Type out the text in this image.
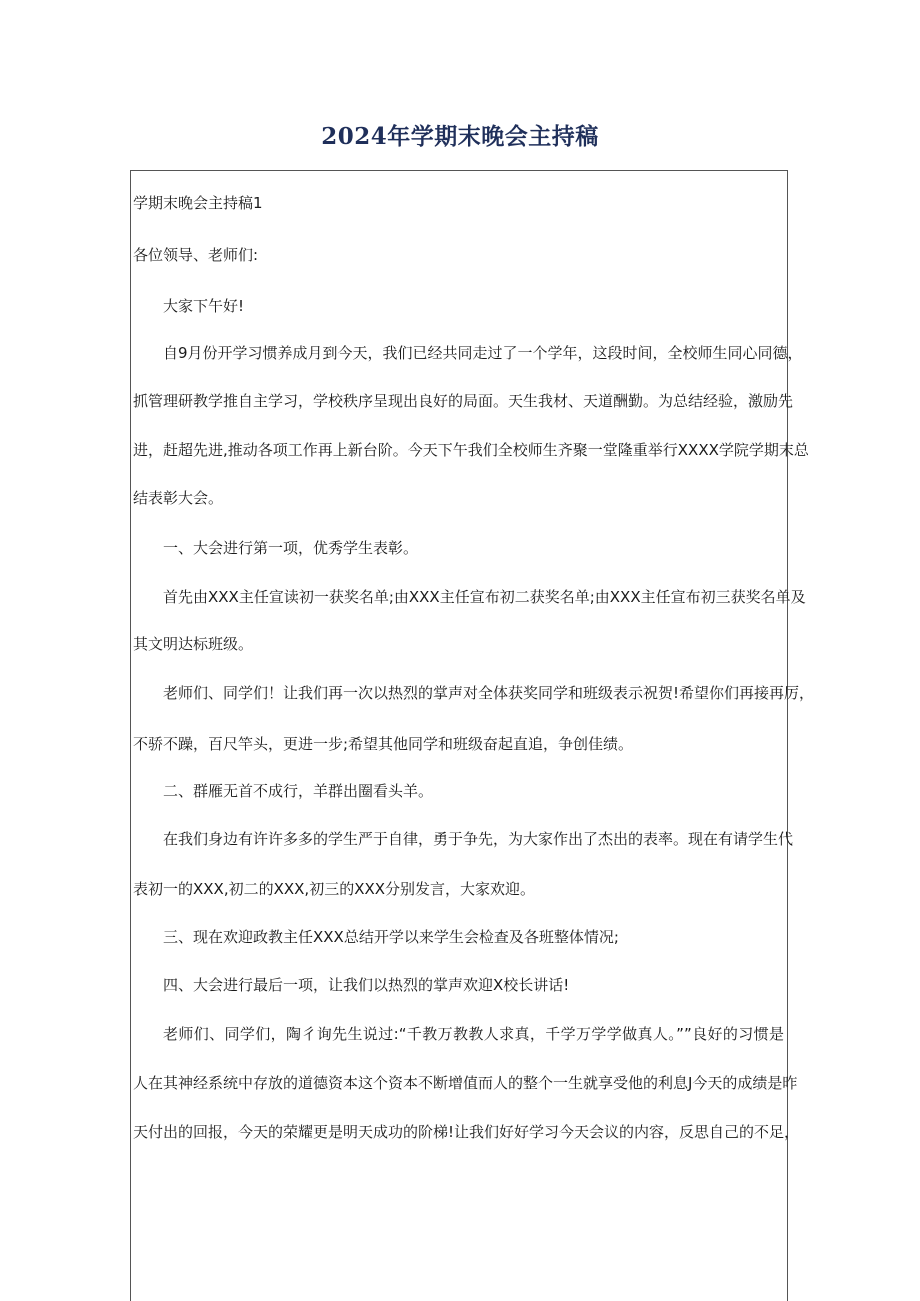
2024年学期末晚会主持稿
学期末晚会主持稿1
各位领导、老师们:
大家下午好!
自9月份开学习惯养成月到今天，我们已经共同走过了一个学年，这段时间，全校师生同心同德，
抓管理研教学推自主学习，学校秩序呈现出良好的局面。天生我材、天道酬勤。为总结经验，激励先
进，赶超先进,推动各项工作再上新台阶。今天下午我们全校师生齐聚一堂隆重举行XXXX学院学期末总
结表彰大会。
一、大会进行第一项，优秀学生表彰。
首先由XXX主任宣读初一获奖名单;由XXX主任宣布初二获奖名单;由XXX主任宣布初三获奖名单及
其文明达标班级。
老师们、同学们！让我们再一次以热烈的掌声对全体获奖同学和班级表示祝贺!希望你们再接再厉，
不骄不躁，百尺竿头，更进一步;希望其他同学和班级奋起直追，争创佳绩。
二、群雁无首不成行，羊群出圈看头羊。
在我们身边有许许多多的学生严于自律，勇于争先，为大家作出了杰出的表率。现在有请学生代
表初一的XXX,初二的XXX,初三的XXX分别发言，大家欢迎。
三、现在欢迎政教主任XXX总结开学以来学生会检查及各班整体情况;
四、大会进行最后一项，让我们以热烈的掌声欢迎X校长讲话!
老师们、同学们，陶彳询先生说过:“千教万教教人求真，千学万学学做真人。””良好的习惯是
人在其神经系统中存放的道德资本这个资本不断增值而人的整个一生就享受他的利息J今天的成绩是昨
天付出的回报，今天的荣耀更是明天成功的阶梯!让我们好好学习今天会议的内容，反思自己的不足，
